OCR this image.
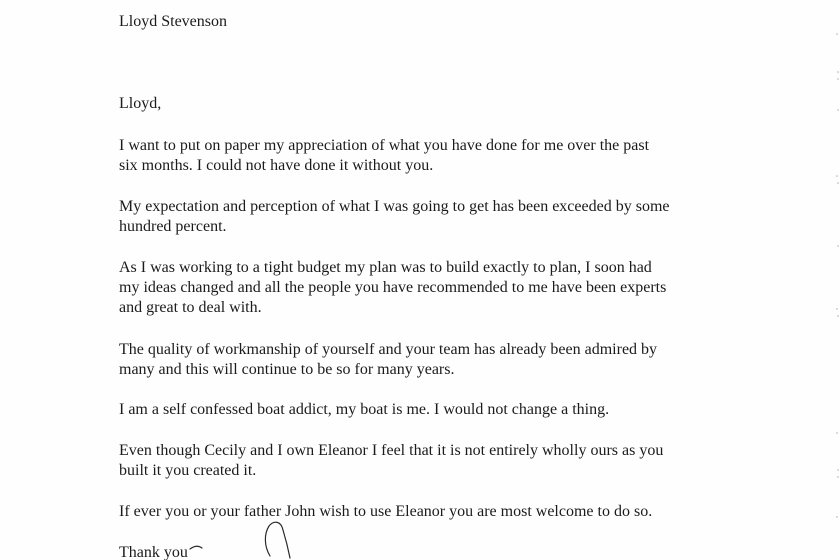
Lloyd Stevenson
Lloyd,
I want to put on paper my appreciation of what you have done for me over the past
six months. I could not have done it without you.
My expectation and perception of what I was going to get has been exceeded by some
hundred percent.
As I was working to a tight budget my plan was to build exactly to plan, I soon had
my ideas changed and all the people you have recommended to me have been experts
and great to deal with.
The quality of workmanship of yourself and your team has already been admired by
many and this will continue to be so for many years.
I am a self confessed boat addict, my boat is me. I would not change a thing.
Even though Cecily and I own Eleanor I feel that it is not entirely wholly ours as you
built it you created it.
If ever you or your father John wish to use Eleanor you are most welcome to do so.
Thank you
